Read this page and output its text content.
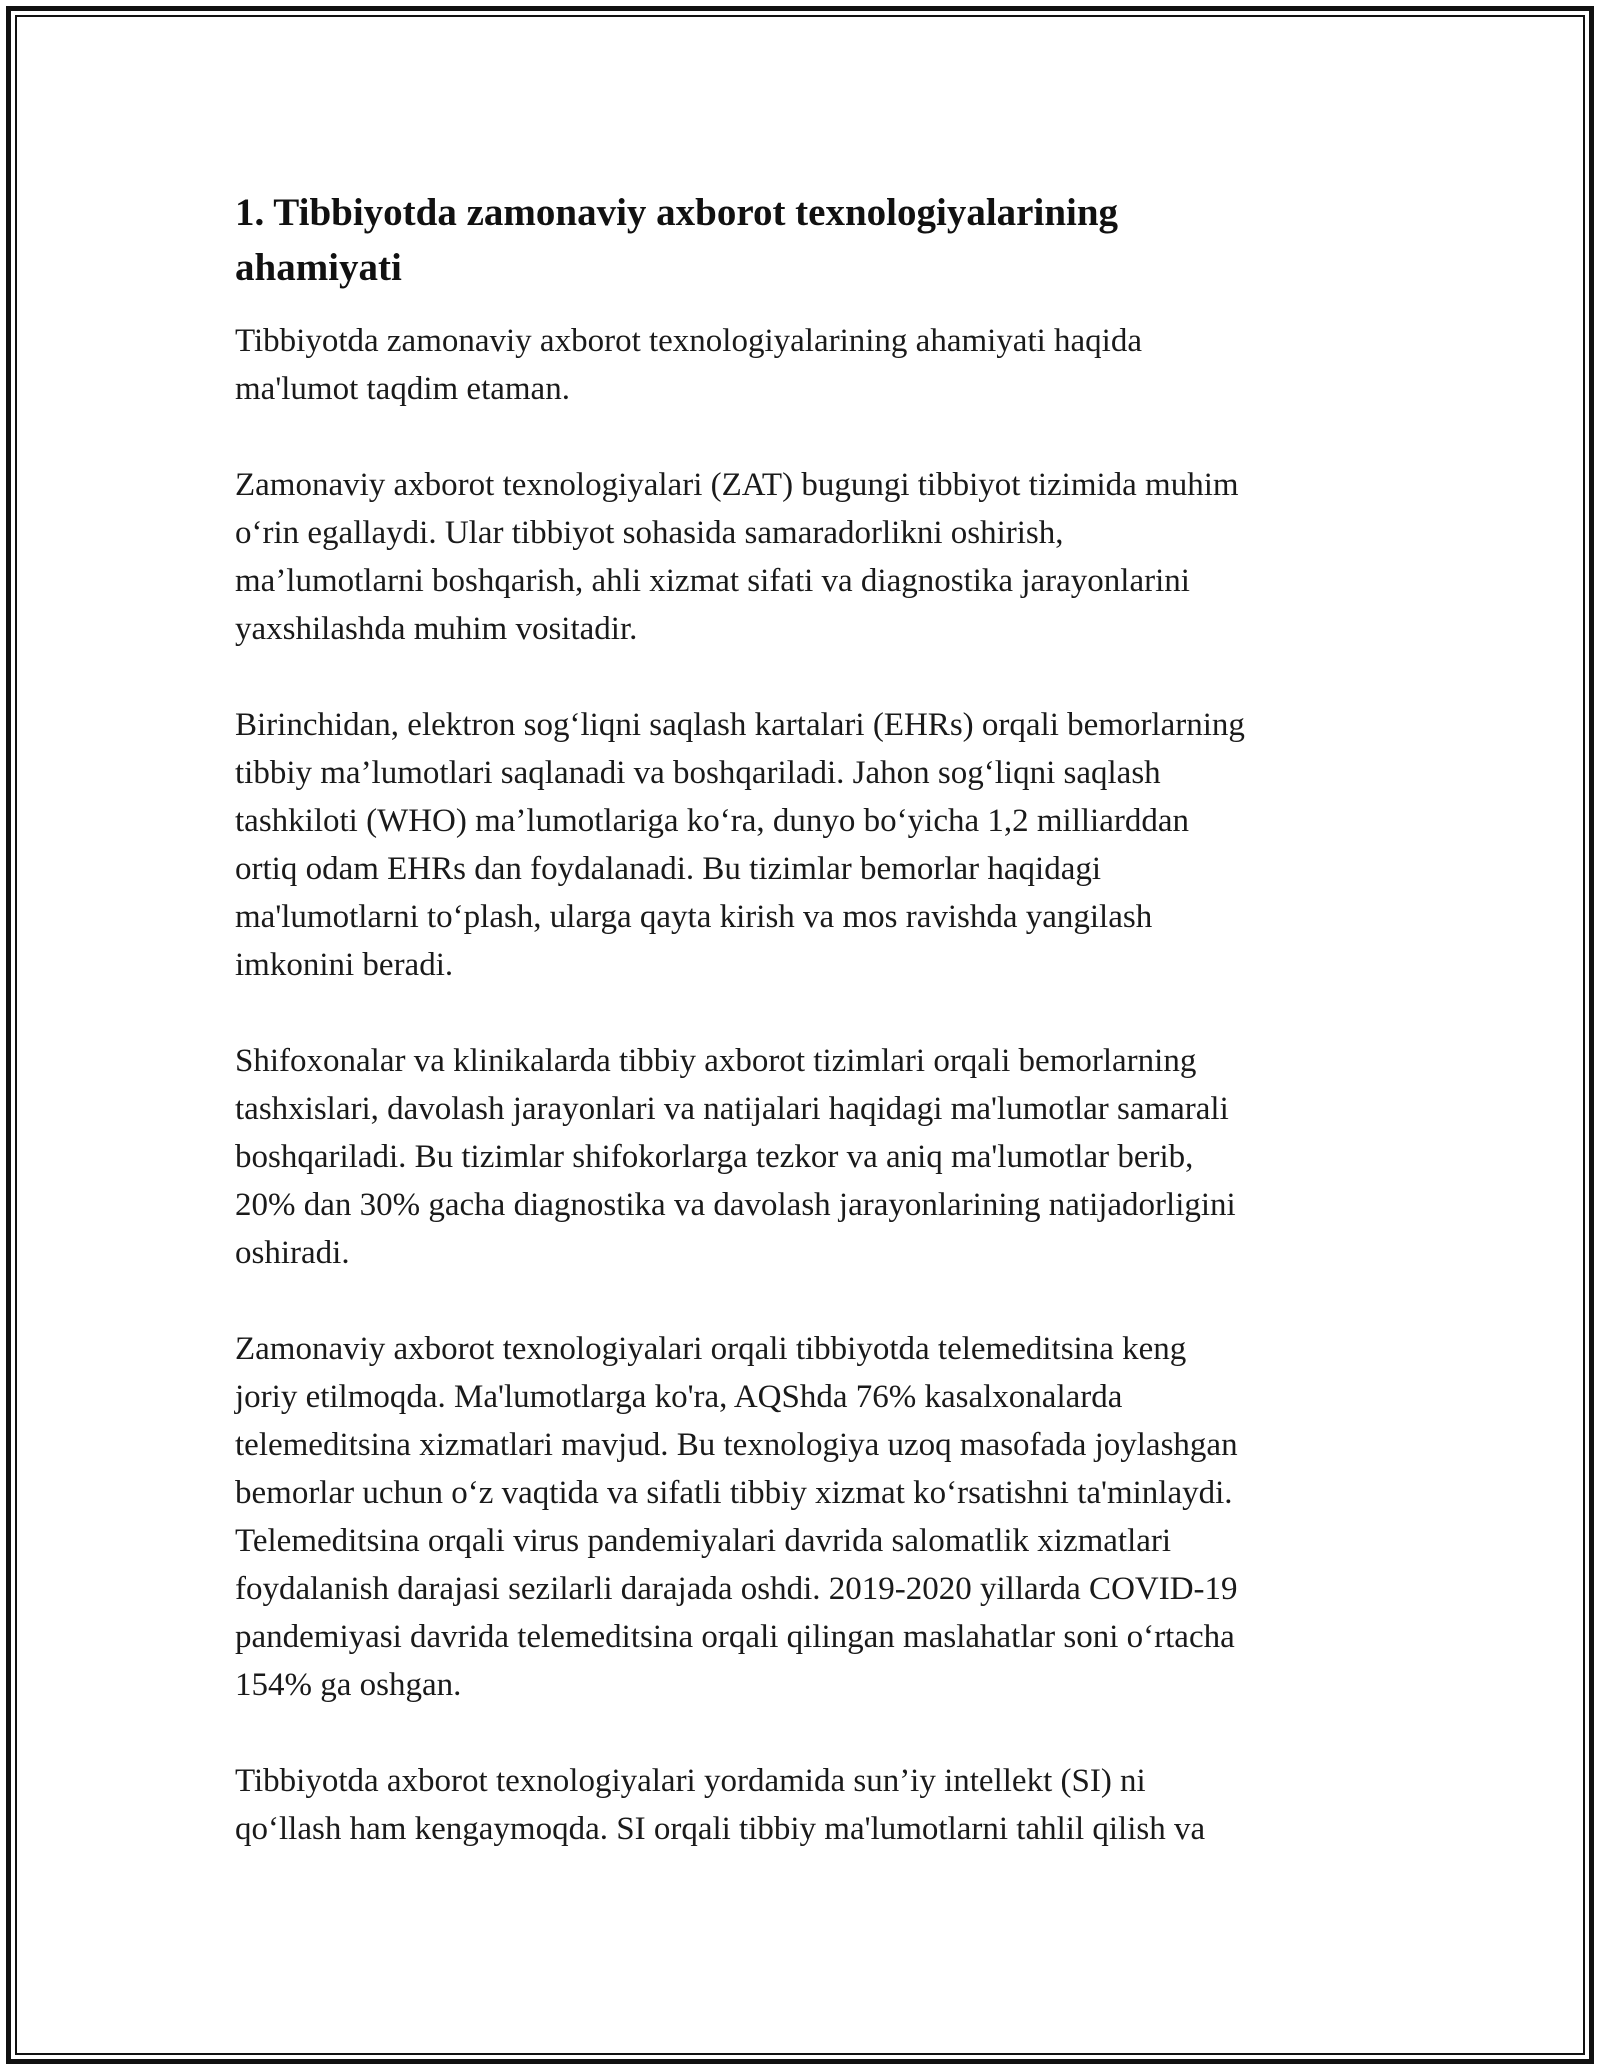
1. Tibbiyotda zamonaviy axborot texnologiyalarining
ahamiyati

Tibbiyotda zamonaviy axborot texnologiyalarining ahamiyati haqida
ma'lumot taqdim etaman.

Zamonaviy axborot texnologiyalari (ZAT) bugungi tibbiyot tizimida muhim
o‘rin egallaydi. Ular tibbiyot sohasida samaradorlikni oshirish,
ma’lumotlarni boshqarish, ahli xizmat sifati va diagnostika jarayonlarini
yaxshilashda muhim vositadir.

Birinchidan, elektron sog‘liqni saqlash kartalari (EHRs) orqali bemorlarning
tibbiy ma’lumotlari saqlanadi va boshqariladi. Jahon sog‘liqni saqlash
tashkiloti (WHO) ma’lumotlariga ko‘ra, dunyo bo‘yicha 1,2 milliarddan
ortiq odam EHRs dan foydalanadi. Bu tizimlar bemorlar haqidagi
ma'lumotlarni to‘plash, ularga qayta kirish va mos ravishda yangilash
imkonini beradi.

Shifoxonalar va klinikalarda tibbiy axborot tizimlari orqali bemorlarning
tashxislari, davolash jarayonlari va natijalari haqidagi ma'lumotlar samarali
boshqariladi. Bu tizimlar shifokorlarga tezkor va aniq ma'lumotlar berib,
20% dan 30% gacha diagnostika va davolash jarayonlarining natijadorligini
oshiradi.

Zamonaviy axborot texnologiyalari orqali tibbiyotda telemeditsina keng
joriy etilmoqda. Ma'lumotlarga ko'ra, AQShda 76% kasalxonalarda
telemeditsina xizmatlari mavjud. Bu texnologiya uzoq masofada joylashgan
bemorlar uchun o‘z vaqtida va sifatli tibbiy xizmat ko‘rsatishni ta'minlaydi.
Telemeditsina orqali virus pandemiyalari davrida salomatlik xizmatlari
foydalanish darajasi sezilarli darajada oshdi. 2019-2020 yillarda COVID-19
pandemiyasi davrida telemeditsina orqali qilingan maslahatlar soni o‘rtacha
154% ga oshgan.

Tibbiyotda axborot texnologiyalari yordamida sun’iy intellekt (SI) ni
qo‘llash ham kengaymoqda. SI orqali tibbiy ma'lumotlarni tahlil qilish va
